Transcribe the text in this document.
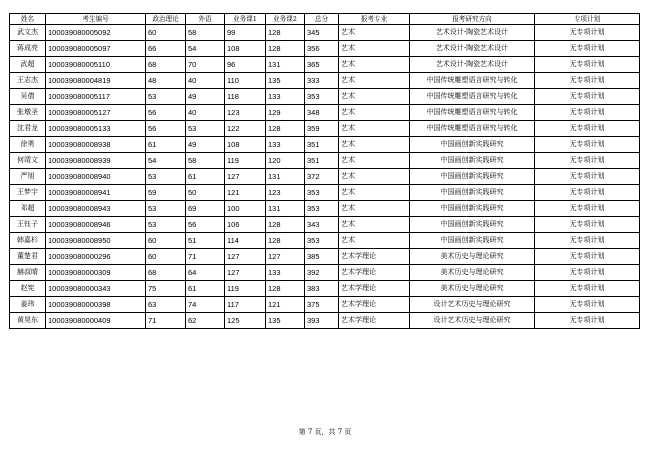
姓名	考生编号	政治理论	外语	业务课1	业务课2	总分	报考专业	报考研究方向	专项计划
武文杰	100039080005092	60	58	99	128	345	艺术	艺术设计-陶瓷艺术设计	无专项计划
蒋成亮	100039080005097	66	54	108	128	356	艺术	艺术设计-陶瓷艺术设计	无专项计划
武超	100039080005110	68	70	96	131	365	艺术	艺术设计-陶瓷艺术设计	无专项计划
王志杰	100039080004819	48	40	110	135	333	艺术	中国传统雕塑语言研究与转化	无专项计划
吴倩	100039080005117	53	49	118	133	353	艺术	中国传统雕塑语言研究与转化	无专项计划
张墩圣	100039080005127	56	40	123	129	348	艺术	中国传统雕塑语言研究与转化	无专项计划
沈君龙	100039080005133	56	53	122	128	359	艺术	中国传统雕塑语言研究与转化	无专项计划
徐勇	100039080008938	61	49	108	133	351	艺术	中国画创新实践研究	无专项计划
何靖文	100039080008939	54	58	119	120	351	艺术	中国画创新实践研究	无专项计划
严旭	100039080008940	53	61	127	131	372	艺术	中国画创新实践研究	无专项计划
王梦宇	100039080008941	59	50	121	123	353	艺术	中国画创新实践研究	无专项计划
邓超	100039080008943	53	69	100	131	353	艺术	中国画创新实践研究	无专项计划
王钰子	100039080008946	53	56	106	128	343	艺术	中国画创新实践研究	无专项计划
韩嘉杉	100039080008950	60	51	114	128	353	艺术	中国画创新实践研究	无专项计划
董楚君	100039080000296	60	71	127	127	385	艺术学理论	美术历史与理论研究	无专项计划
赫叔晴	100039080000309	68	64	127	133	392	艺术学理论	美术历史与理论研究	无专项计划
赵宪	100039080000343	75	61	119	128	383	艺术学理论	美术历史与理论研究	无专项计划
姜玮	100039080000398	63	74	117	121	375	艺术学理论	设计艺术历史与理论研究	无专项计划
黄昊东	100039080000409	71	62	125	135	393	艺术学理论	设计艺术历史与理论研究	无专项计划
第 7 页，共 7 页
